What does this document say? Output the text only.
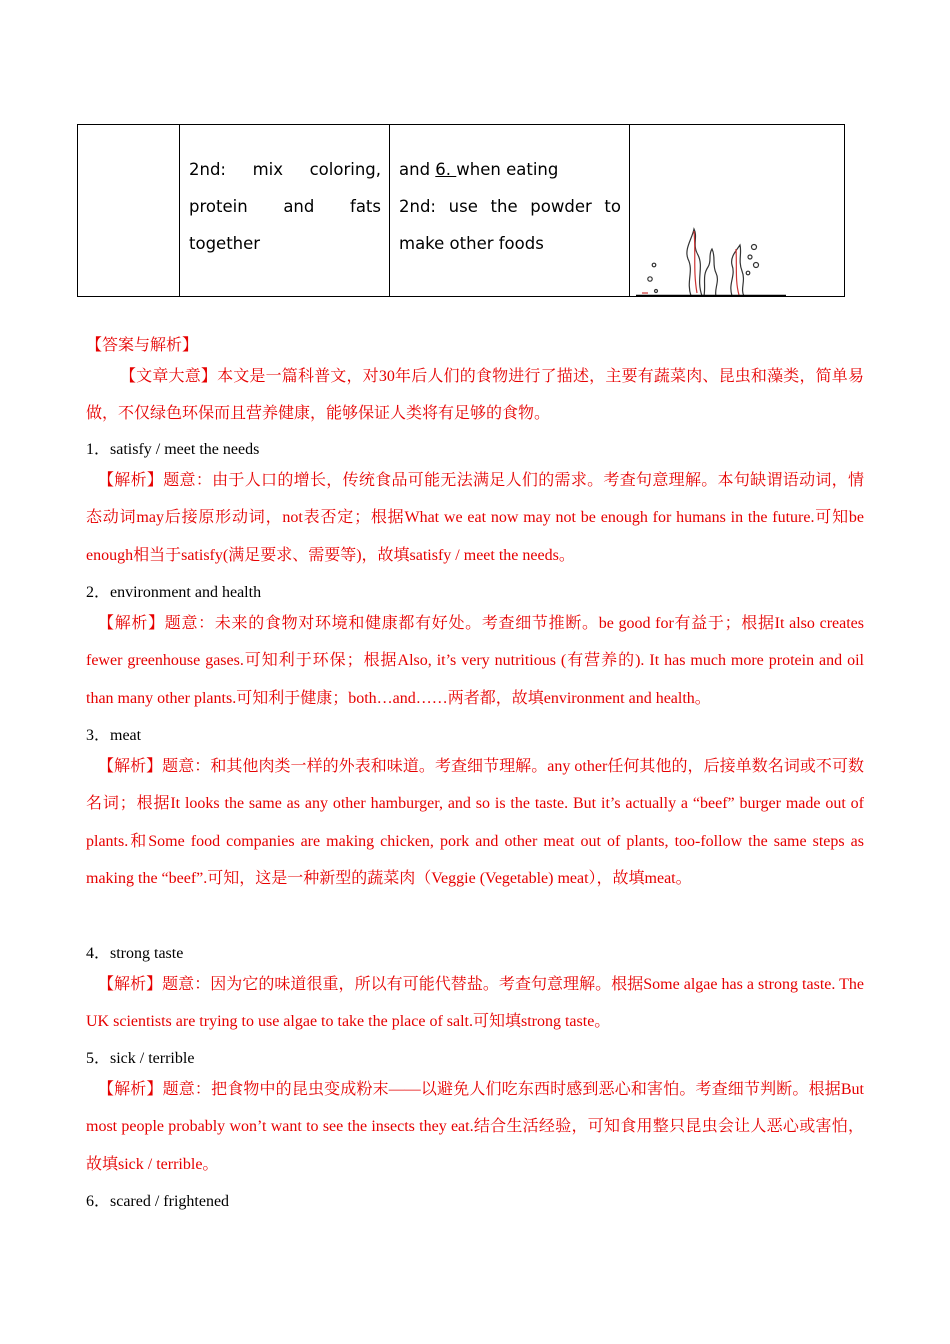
2nd: mix coloring,
protein and fats
together

and 6. when eating
2nd: use the powder to
make other foods

【答案与解析】
【文章大意】本文是一篇科普文，对30年后人们的食物进行了描述，主要有蔬菜肉、昆虫和藻类，简单易做，不仅绿色环保而且营养健康，能够保证人类将有足够的食物。
1．satisfy / meet the needs
【解析】题意：由于人口的增长，传统食品可能无法满足人们的需求。考查句意理解。本句缺谓语动词，情态动词may后接原形动词，not表否定；根据What we eat now may not be enough for humans in the future.可知be enough相当于satisfy(满足要求、需要等)，故填satisfy / meet the needs。
2．environment and health
【解析】题意：未来的食物对环境和健康都有好处。考查细节推断。be good for有益于；根据It also creates fewer greenhouse gases.可知利于环保；根据Also, it’s very nutritious (有营养的). It has much more protein and oil than many other plants.可知利于健康；both…and……两者都，故填environment and health。
3．meat
【解析】题意：和其他肉类一样的外表和味道。考查细节理解。any other任何其他的，后接单数名词或不可数名词；根据It looks the same as any other hamburger, and so is the taste. But it’s actually a “beef” burger made out of plants.和Some food companies are making chicken, pork and other meat out of plants, too-follow the same steps as making the “beef”.可知，这是一种新型的蔬菜肉（Veggie (Vegetable) meat），故填meat。
4．strong taste
【解析】题意：因为它的味道很重，所以有可能代替盐。考查句意理解。根据Some algae has a strong taste. The UK scientists are trying to use algae to take the place of salt.可知填strong taste。
5．sick / terrible
【解析】题意：把食物中的昆虫变成粉末——以避免人们吃东西时感到恶心和害怕。考查细节判断。根据But most people probably won’t want to see the insects they eat.结合生活经验，可知食用整只昆虫会让人恶心或害怕，故填sick / terrible。
6．scared / frightened
